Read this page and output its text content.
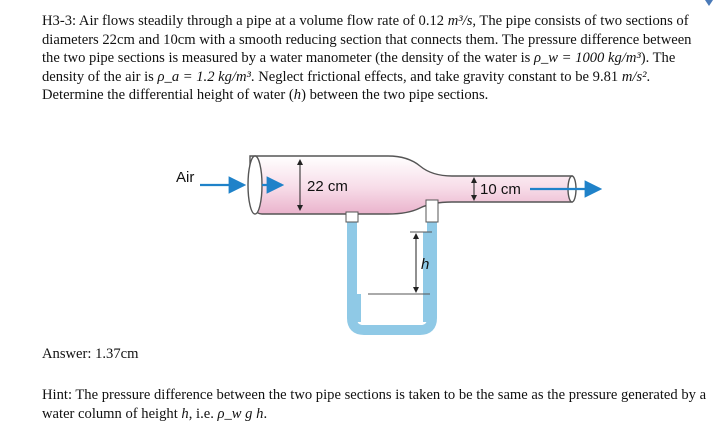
H3-3: Air flows steadily through a pipe at a volume flow rate of 0.12 m³/s, The pipe consists of two sections of diameters 22cm and 10cm with a smooth reducing section that connects them. The pressure difference between the two pipe sections is measured by a water manometer (the density of the water is ρ_w = 1000 kg/m³). The density of the air is ρ_a = 1.2 kg/m³. Neglect frictional effects, and take gravity constant to be 9.81 m/s². Determine the differential height of water (h) between the two pipe sections.

Air
22 cm	10 cm
h

Answer: 1.37cm

Hint: The pressure difference between the two pipe sections is taken to be the same as the pressure generated by a water column of height h, i.e. ρ_w g h.
